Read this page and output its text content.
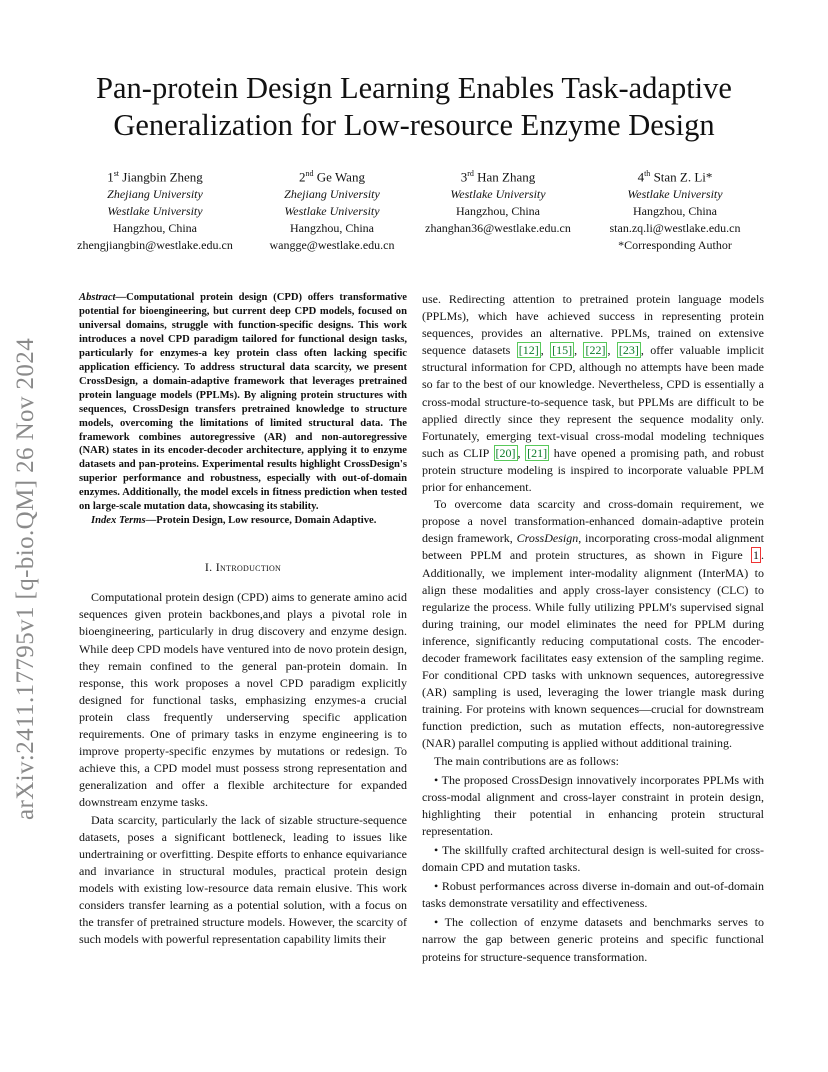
arXiv:2411.17795v1 [q-bio.QM] 26 Nov 2024
Pan-protein Design Learning Enables Task-adaptive
Generalization for Low-resource Enzyme Design
1st Jiangbin Zheng
Zhejiang University
Westlake University
Hangzhou, China
zhengjiangbin@westlake.edu.cn
2nd Ge Wang
Zhejiang University
Westlake University
Hangzhou, China
wangge@westlake.edu.cn
3rd Han Zhang
Westlake University
Hangzhou, China
zhanghan36@westlake.edu.cn
4th Stan Z. Li*
Westlake University
Hangzhou, China
stan.zq.li@westlake.edu.cn
*Corresponding Author
Abstract—Computational protein design (CPD) offers transformative potential for bioengineering, but current deep CPD models, focused on universal domains, struggle with function-specific designs. This work introduces a novel CPD paradigm tailored for functional design tasks, particularly for enzymes-a key protein class often lacking specific application efficiency. To address structural data scarcity, we present CrossDesign, a domain-adaptive framework that leverages pretrained protein language models (PPLMs). By aligning protein structures with sequences, CrossDesign transfers pretrained knowledge to structure models, overcoming the limitations of limited structural data. The framework combines autoregressive (AR) and non-autoregressive (NAR) states in its encoder-decoder architecture, applying it to enzyme datasets and pan-proteins. Experimental results highlight CrossDesign's superior performance and robustness, especially with out-of-domain enzymes. Additionally, the model excels in fitness prediction when tested on large-scale mutation data, showcasing its stability.
Index Terms—Protein Design, Low resource, Domain Adaptive.
I. Introduction

Computational protein design (CPD) aims to generate amino acid sequences given protein backbones,and plays a pivotal role in bioengineering, particularly in drug discovery and enzyme design. While deep CPD models have ventured into de novo protein design, they remain confined to the general pan-protein domain. In response, this work proposes a novel CPD paradigm explicitly designed for functional tasks, emphasizing enzymes-a crucial protein class frequently underserving specific application requirements. One of primary tasks in enzyme engineering is to improve property-specific enzymes by mutations or redesign. To achieve this, a CPD model must possess strong representation and generalization and offer a flexible architecture for expanded downstream enzyme tasks.

Data scarcity, particularly the lack of sizable structure-sequence datasets, poses a significant bottleneck, leading to issues like undertraining or overfitting. Despite efforts to enhance equivariance and invariance in structural modules, practical protein design models with existing low-resource data remain elusive. This work considers transfer learning as a potential solution, with a focus on the transfer of pretrained structure models. However, the scarcity of such models with powerful representation capability limits their

use. Redirecting attention to pretrained protein language models (PPLMs), which have achieved success in representing protein sequences, provides an alternative. PPLMs, trained on extensive sequence datasets [12] , [15] , [22] , [23] , offer valuable implicit structural information for CPD, although no attempts have been made so far to the best of our knowledge. Nevertheless, CPD is essentially a cross-modal structure-to-sequence task, but PPLMs are difficult to be applied directly since they represent the sequence modality only. Fortunately, emerging text-visual cross-modal modeling techniques such as CLIP [20] , [21] have opened a promising path, and robust protein structure modeling is inspired to incorporate valuable PPLM prior for enhancement.

To overcome data scarcity and cross-domain requirement, we propose a novel transformation-enhanced domain-adaptive protein design framework, CrossDesign, incorporating cross-modal alignment between PPLM and protein structures, as shown in Figure 1 . Additionally, we implement inter-modality alignment (InterMA) to align these modalities and apply cross-layer consistency (CLC) to regularize the process. While fully utilizing PPLM's supervised signal during training, our model eliminates the need for PPLM during inference, significantly reducing computational costs. The encoder-decoder framework facilitates easy extension of the sampling regime. For conditional CPD tasks with unknown sequences, autoregressive (AR) sampling is used, leveraging the lower triangle mask during training. For proteins with known sequences—crucial for downstream function prediction, such as mutation effects, non-autoregressive (NAR) parallel computing is applied without additional training.

The main contributions are as follows:

• The proposed CrossDesign innovatively incorporates PPLMs with cross-modal alignment and cross-layer constraint in protein design, highlighting their potential in enhancing protein structural representation.

• The skillfully crafted architectural design is well-suited for cross-domain CPD and mutation tasks.

• Robust performances across diverse in-domain and out-of-domain tasks demonstrate versatility and effectiveness.

• The collection of enzyme datasets and benchmarks serves to narrow the gap between generic proteins and specific functional proteins for structure-sequence transformation.
